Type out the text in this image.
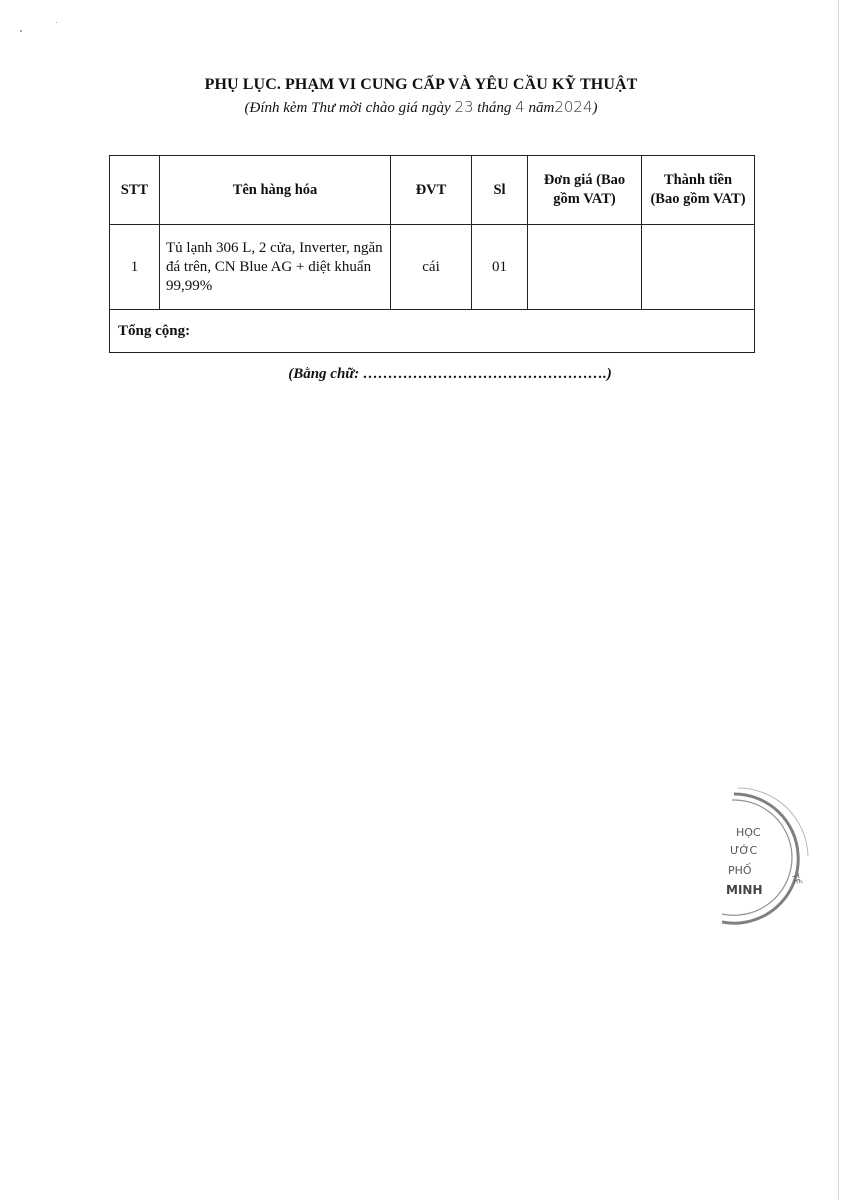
PHỤ LỤC. PHẠM VI CUNG CẤP VÀ YÊU CẦU KỸ THUẬT
(Đính kèm Thư mời chào giá ngày 23 tháng 4 năm2024)
STT	Tên hàng hóa	ĐVT	Sl	Đơn giá (Bao gồm VAT)	Thành tiền (Bao gồm VAT)
1	Tủ lạnh 306 L, 2 cửa, Inverter, ngăn đá trên, CN Blue AG + diệt khuẩn 99,99%	cái	01		
Tổng cộng:					
(Bằng chữ: ………………………………………….)
HỌC
ƯỚC
PHỐ
MINH
TẾ
